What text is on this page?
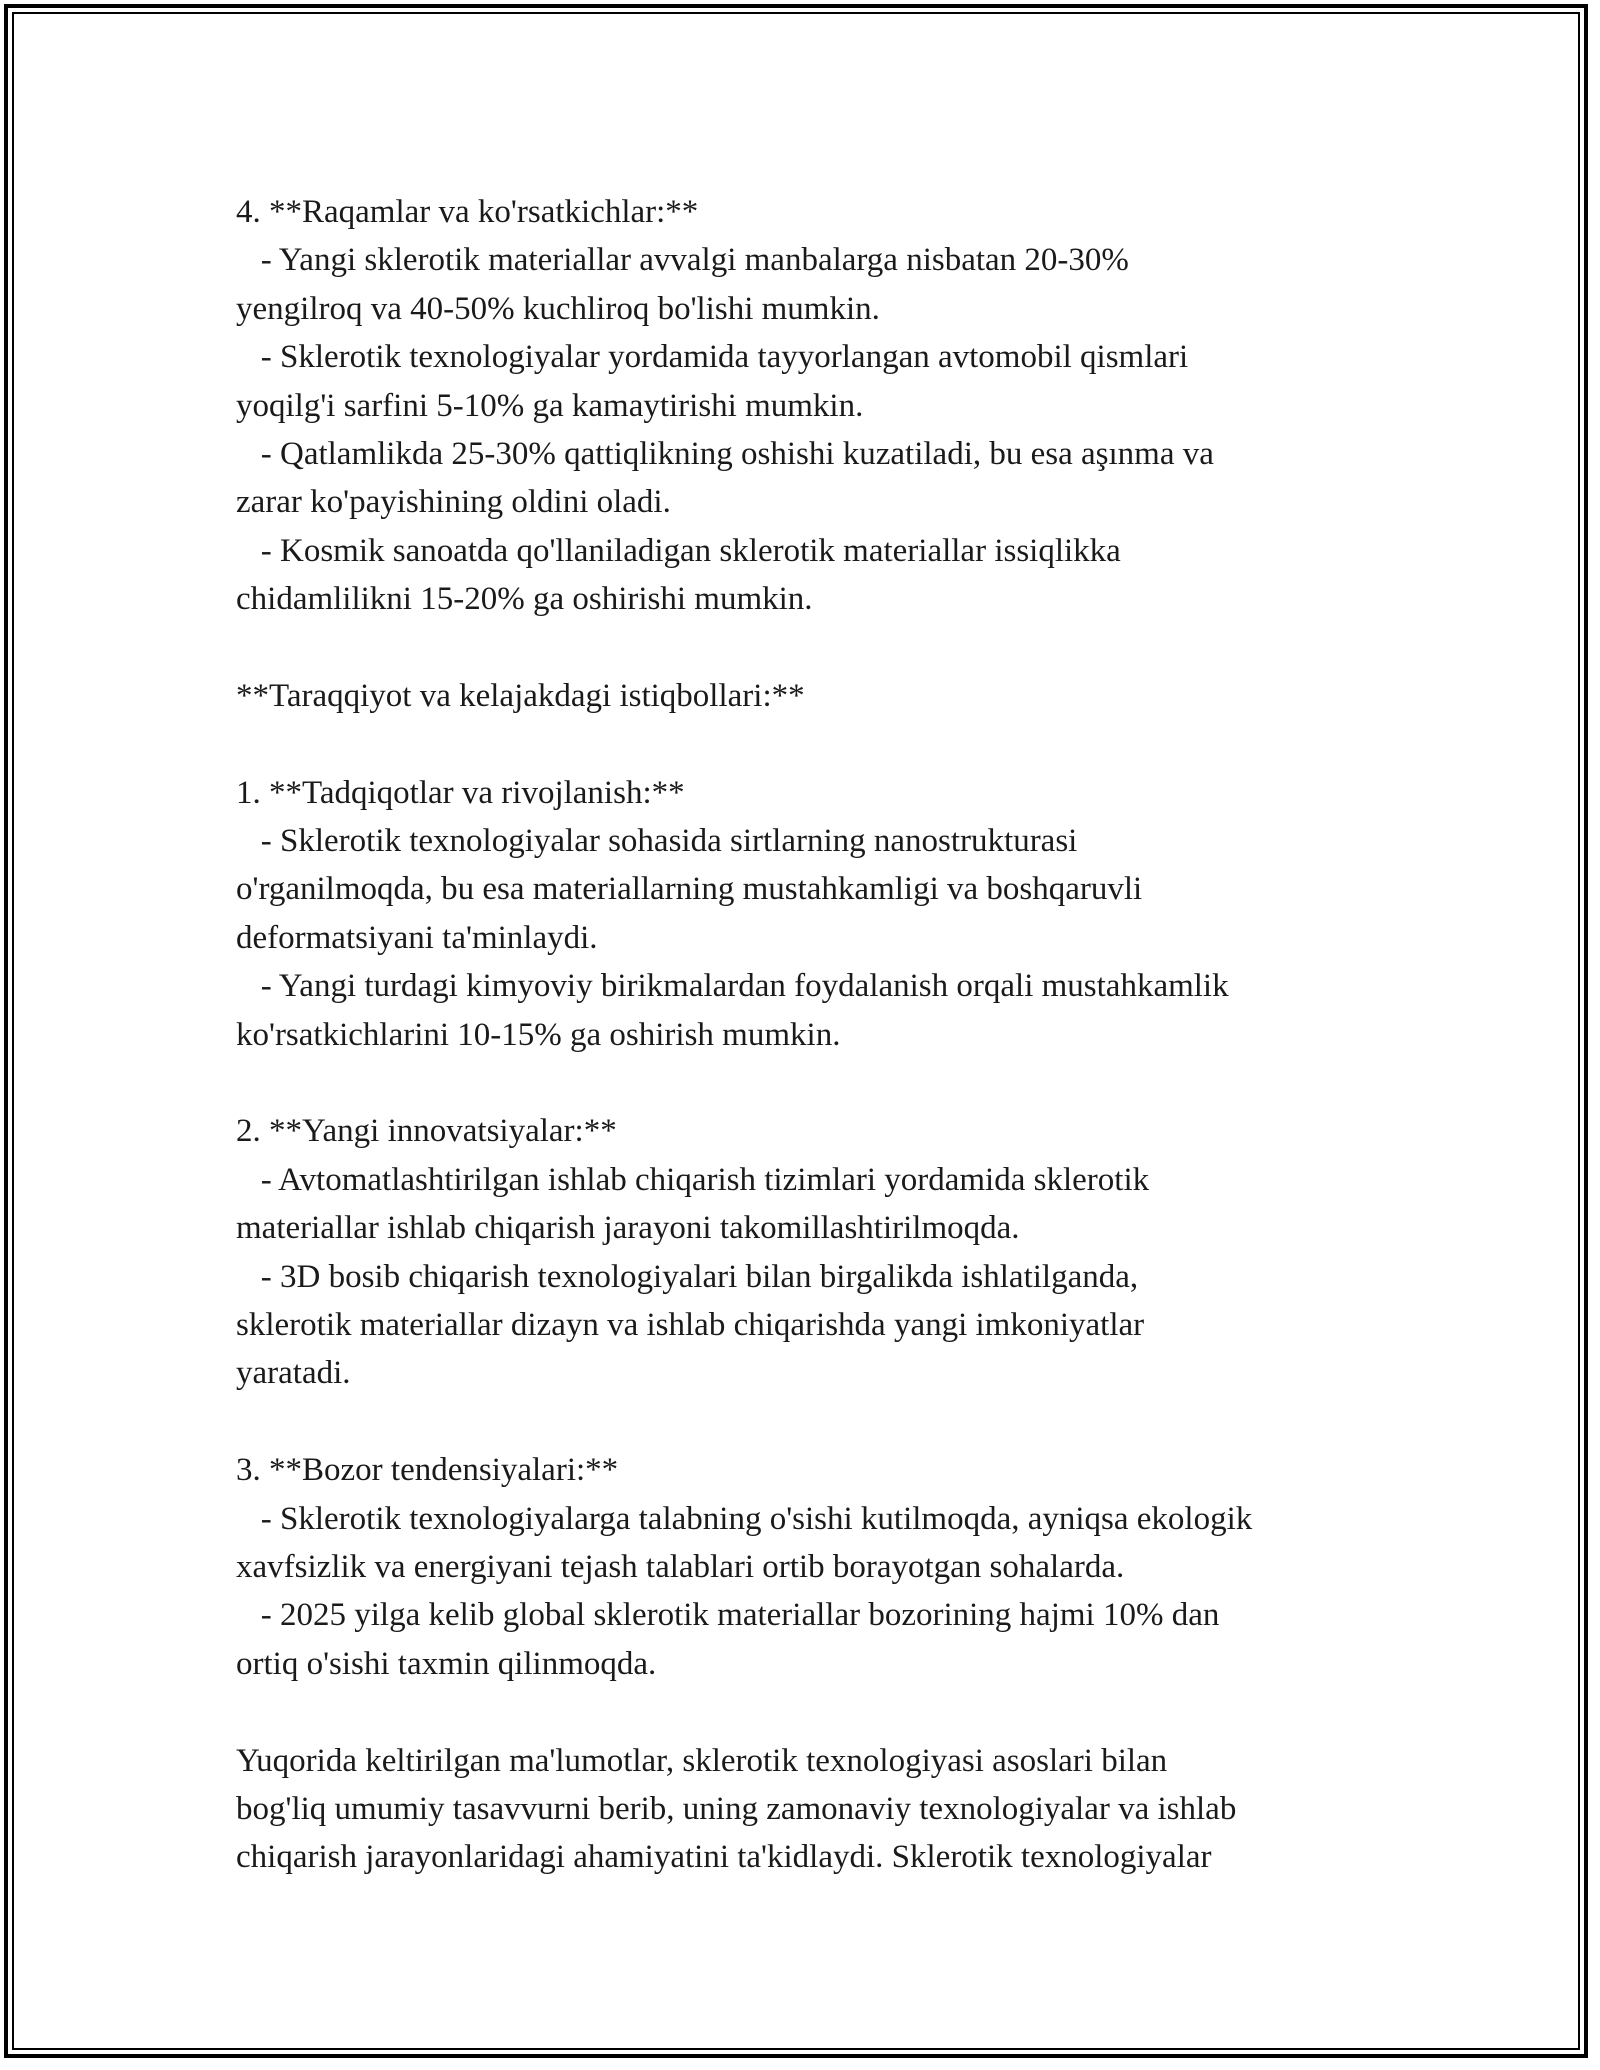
4. **Raqamlar va ko'rsatkichlar:**
- Yangi sklerotik materiallar avvalgi manbalarga nisbatan 20-30%
yengilroq va 40-50% kuchliroq bo'lishi mumkin.
- Sklerotik texnologiyalar yordamida tayyorlangan avtomobil qismlari
yoqilg'i sarfini 5-10% ga kamaytirishi mumkin.
- Qatlamlikda 25-30% qattiqlikning oshishi kuzatiladi, bu esa aşınma va
zarar ko'payishining oldini oladi.
- Kosmik sanoatda qo'llaniladigan sklerotik materiallar issiqlikka
chidamlilikni 15-20% ga oshirishi mumkin.
**Taraqqiyot va kelajakdagi istiqbollari:**
1. **Tadqiqotlar va rivojlanish:**
- Sklerotik texnologiyalar sohasida sirtlarning nanostrukturasi
o'rganilmoqda, bu esa materiallarning mustahkamligi va boshqaruvli
deformatsiyani ta'minlaydi.
- Yangi turdagi kimyoviy birikmalardan foydalanish orqali mustahkamlik
ko'rsatkichlarini 10-15% ga oshirish mumkin.
2. **Yangi innovatsiyalar:**
- Avtomatlashtirilgan ishlab chiqarish tizimlari yordamida sklerotik
materiallar ishlab chiqarish jarayoni takomillashtirilmoqda.
- 3D bosib chiqarish texnologiyalari bilan birgalikda ishlatilganda,
sklerotik materiallar dizayn va ishlab chiqarishda yangi imkoniyatlar
yaratadi.
3. **Bozor tendensiyalari:**
- Sklerotik texnologiyalarga talabning o'sishi kutilmoqda, ayniqsa ekologik
xavfsizlik va energiyani tejash talablari ortib borayotgan sohalarda.
- 2025 yilga kelib global sklerotik materiallar bozorining hajmi 10% dan
ortiq o'sishi taxmin qilinmoqda.
Yuqorida keltirilgan ma'lumotlar, sklerotik texnologiyasi asoslari bilan
bog'liq umumiy tasavvurni berib, uning zamonaviy texnologiyalar va ishlab
chiqarish jarayonlaridagi ahamiyatini ta'kidlaydi. Sklerotik texnologiyalar
